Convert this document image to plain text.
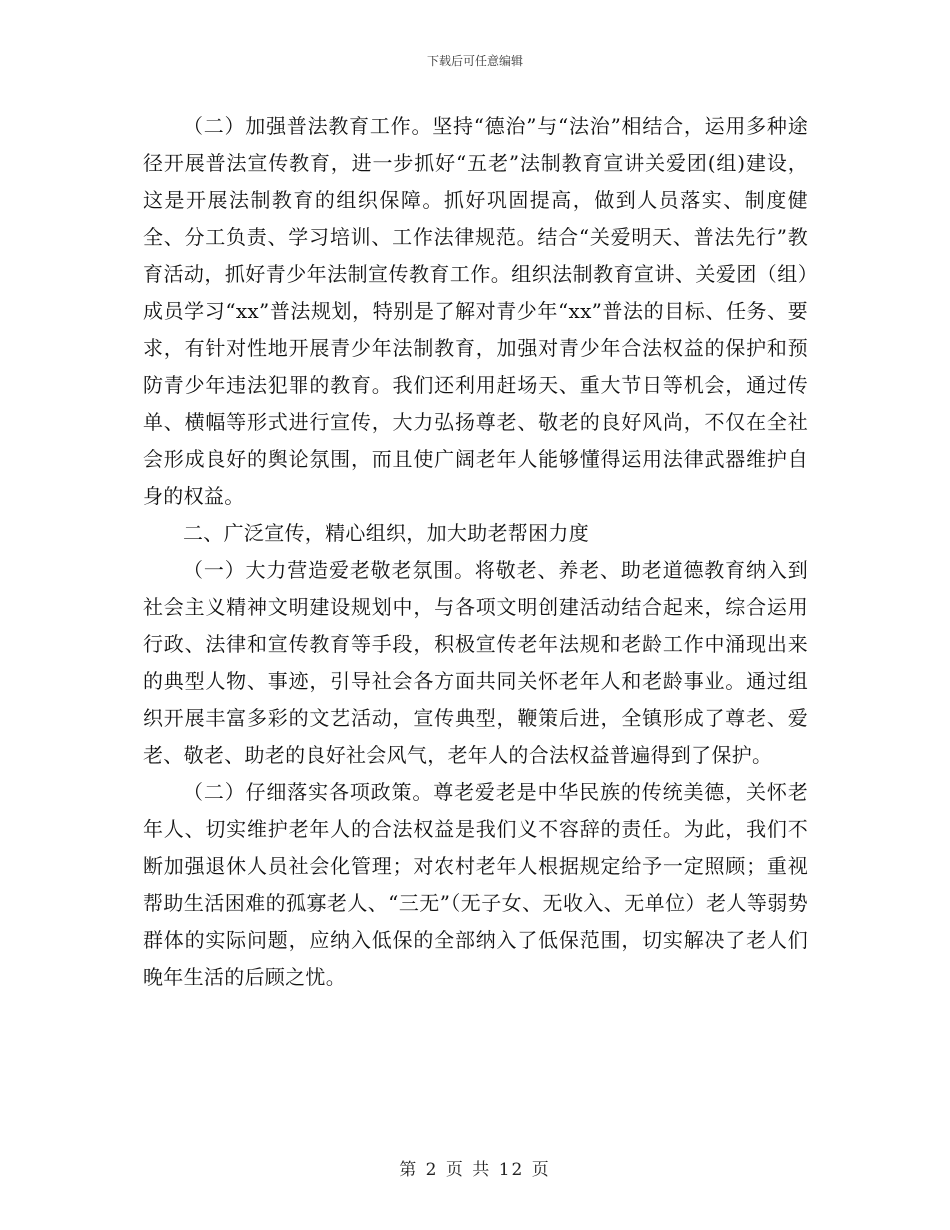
下载后可任意编辑

（二）加强普法教育工作。坚持“德治”与“法治”相结合，运用多种途径开展普法宣传教育，进一步抓好“五老”法制教育宣讲关爱团(组)建设，这是开展法制教育的组织保障。抓好巩固提高，做到人员落实、制度健全、分工负责、学习培训、工作法律规范。结合“关爱明天、普法先行”教育活动，抓好青少年法制宣传教育工作。组织法制教育宣讲、关爱团（组）成员学习“xx”普法规划，特别是了解对青少年“xx”普法的目标、任务、要求，有针对性地开展青少年法制教育，加强对青少年合法权益的保护和预防青少年违法犯罪的教育。我们还利用赶场天、重大节日等机会，通过传单、横幅等形式进行宣传，大力弘扬尊老、敬老的良好风尚，不仅在全社会形成良好的舆论氛围，而且使广阔老年人能够懂得运用法律武器维护自身的权益。

二、广泛宣传，精心组织，加大助老帮困力度

（一）大力营造爱老敬老氛围。将敬老、养老、助老道德教育纳入到社会主义精神文明建设规划中，与各项文明创建活动结合起来，综合运用行政、法律和宣传教育等手段，积极宣传老年法规和老龄工作中涌现出来的典型人物、事迹，引导社会各方面共同关怀老年人和老龄事业。通过组织开展丰富多彩的文艺活动，宣传典型，鞭策后进，全镇形成了尊老、爱老、敬老、助老的良好社会风气，老年人的合法权益普遍得到了保护。

（二）仔细落实各项政策。尊老爱老是中华民族的传统美德，关怀老年人、切实维护老年人的合法权益是我们义不容辞的责任。为此，我们不断加强退休人员社会化管理；对农村老年人根据规定给予一定照顾；重视帮助生活困难的孤寡老人、“三无”（无子女、无收入、无单位）老人等弱势群体的实际问题，应纳入低保的全部纳入了低保范围，切实解决了老人们晚年生活的后顾之忧。

第 2 页 共 12 页
